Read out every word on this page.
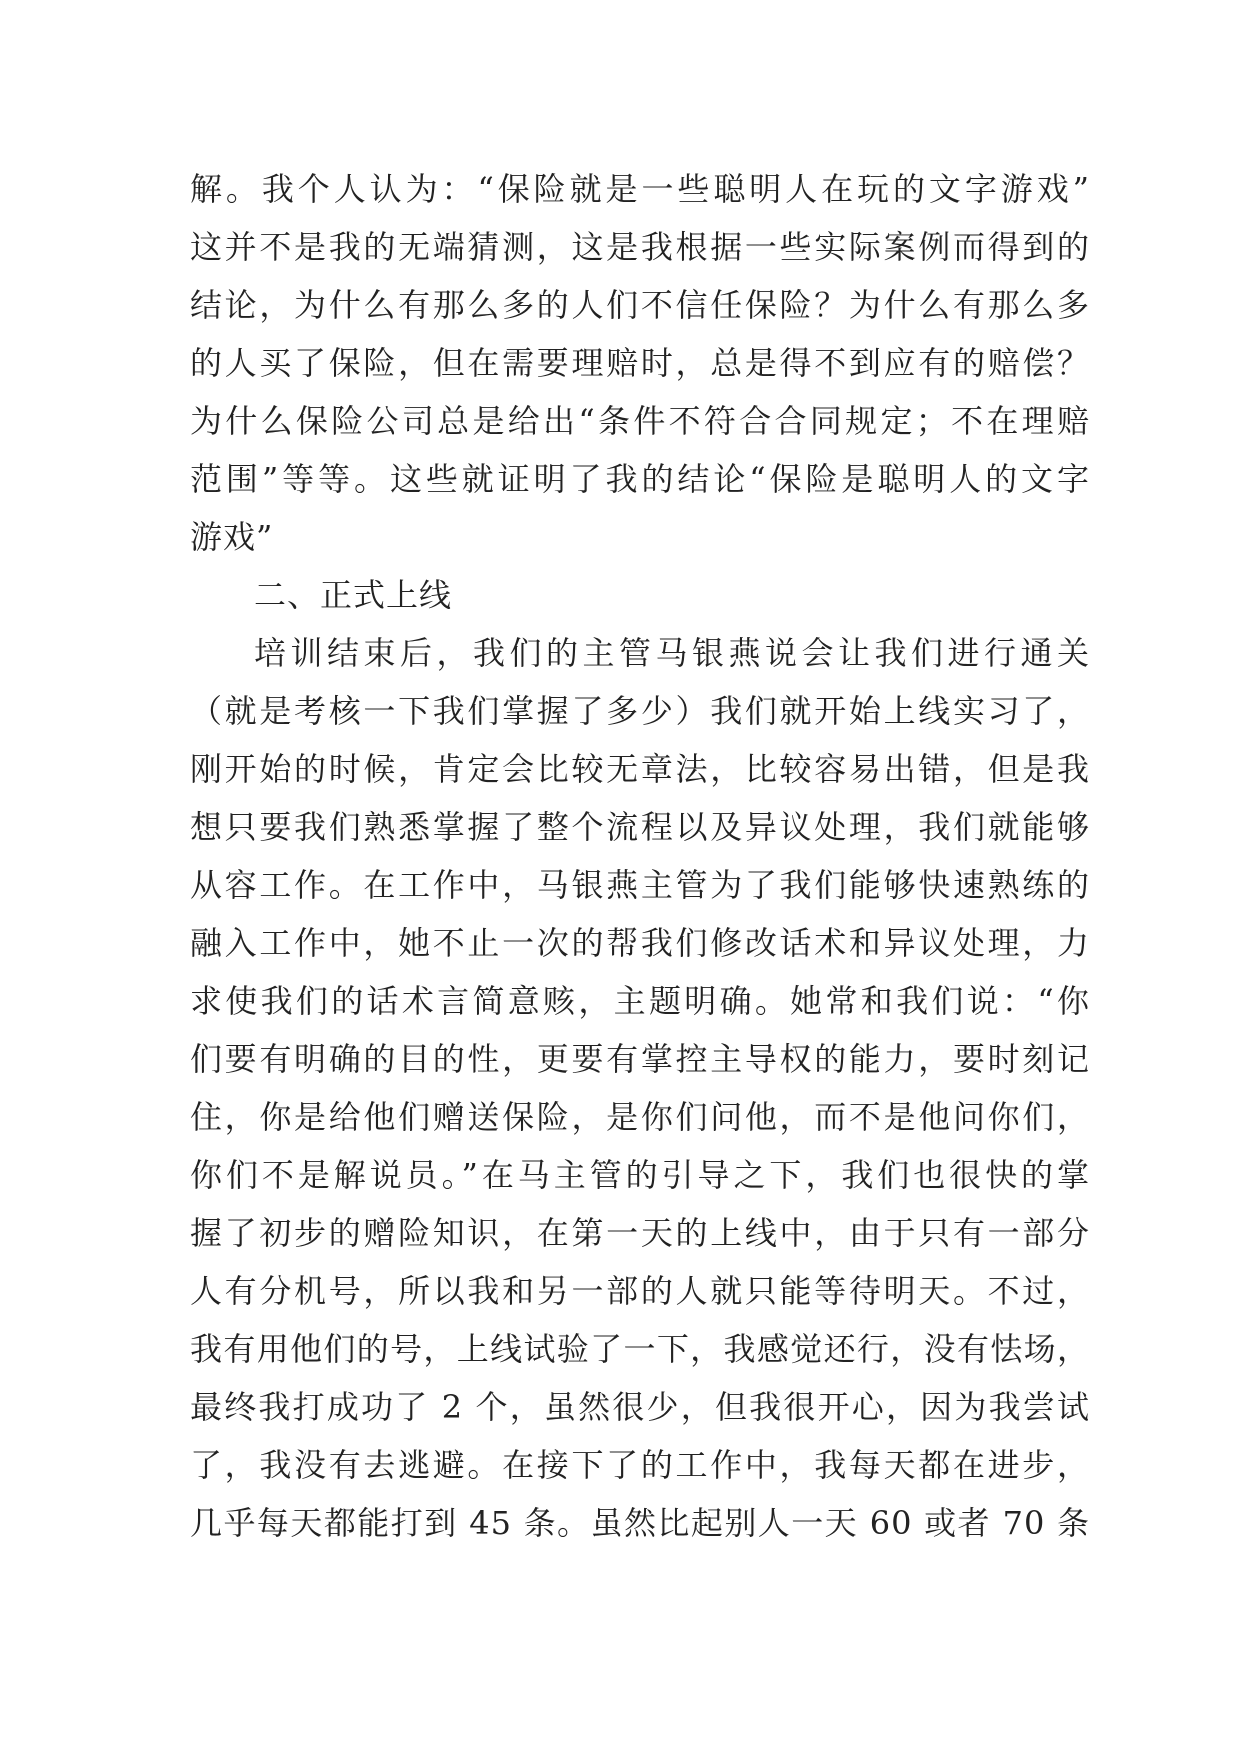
解。我个人认为：“保险就是一些聪明人在玩的文字游戏”
这并不是我的无端猜测，这是我根据一些实际案例而得到的
结论，为什么有那么多的人们不信任保险？为什么有那么多
的人买了保险，但在需要理赔时，总是得不到应有的赔偿？
为什么保险公司总是给出“条件不符合合同规定；不在理赔
范围”等等。这些就证明了我的结论“保险是聪明人的文字
游戏”
二、正式上线
培训结束后，我们的主管马银燕说会让我们进行通关
（就是考核一下我们掌握了多少）我们就开始上线实习了，
刚开始的时候，肯定会比较无章法，比较容易出错，但是我
想只要我们熟悉掌握了整个流程以及异议处理，我们就能够
从容工作。在工作中，马银燕主管为了我们能够快速熟练的
融入工作中，她不止一次的帮我们修改话术和异议处理，力
求使我们的话术言简意赅，主题明确。她常和我们说：“你
们要有明确的目的性，更要有掌控主导权的能力，要时刻记
住，你是给他们赠送保险，是你们问他，而不是他问你们，
你们不是解说员。”在马主管的引导之下，我们也很快的掌
握了初步的赠险知识，在第一天的上线中，由于只有一部分
人有分机号，所以我和另一部的人就只能等待明天。不过，
我有用他们的号，上线试验了一下，我感觉还行，没有怯场，
最终我打成功了 2 个，虽然很少，但我很开心，因为我尝试
了，我没有去逃避。在接下了的工作中，我每天都在进步，
几乎每天都能打到 45 条。虽然比起别人一天 60 或者 70 条
